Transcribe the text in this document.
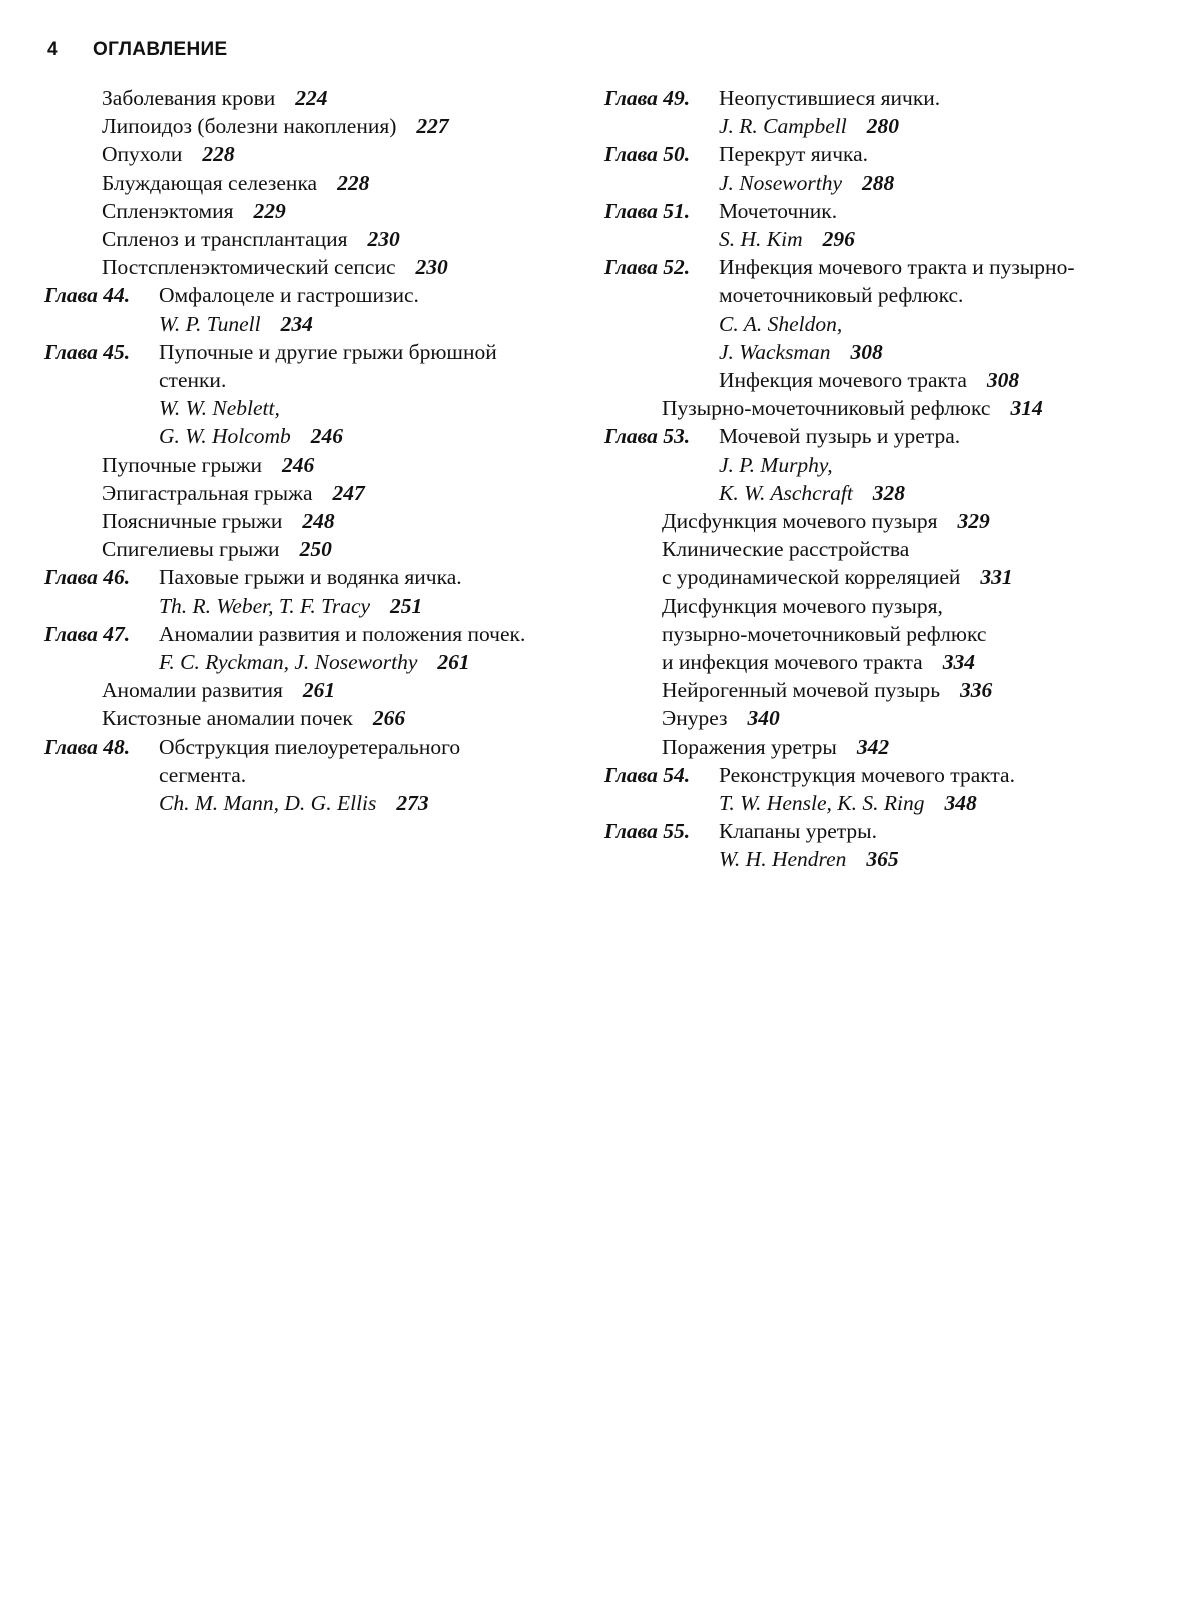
4 ОГЛАВЛЕНИЕ
Заболевания крови 224
Липоидоз (болезни накопления) 227
Опухоли 228
Блуждающая селезенка 228
Спленэктомия 229
Спленоз и трансплантация 230
Постспленэктомический сепсис 230
Глава 44.	Омфалоцеле и гастрошизис.
W. P. Tunell 234
Глава 45.	Пупочные и другие грыжи брюшной
стенки.
W. W. Neblett,
G. W. Holcomb 246
Пупочные грыжи 246
Эпигастральная грыжа 247
Поясничные грыжи 248
Спигелиевы грыжи 250
Глава 46.	Паховые грыжи и водянка яичка.
Th. R. Weber, T. F. Tracy 251
Глава 47.	Аномалии развития и положения почек.
F. C. Ryckman, J. Noseworthy 261
Аномалии развития 261
Кистозные аномалии почек 266
Глава 48.	Обструкция пиелоуретерального
сегмента.
Ch. M. Mann, D. G. Ellis 273
Глава 49.	Неопустившиеся яички.
J. R. Campbell 280
Глава 50.	Перекрут яичка.
J. Noseworthy 288
Глава 51.	Мочеточник.
S. H. Kim 296
Глава 52.	Инфекция мочевого тракта и пузырно-
мочеточниковый рефлюкс.
C. A. Sheldon,
J. Wacksman 308
Инфекция мочевого тракта 308
Пузырно-мочеточниковый рефлюкс 314
Глава 53.	Мочевой пузырь и уретра.
J. P. Murphy,
K. W. Aschcraft 328
Дисфункция мочевого пузыря 329
Клинические расстройства
с уродинамической корреляцией 331
Дисфункция мочевого пузыря,
пузырно-мочеточниковый рефлюкс
и инфекция мочевого тракта 334
Нейрогенный мочевой пузырь 336
Энурез 340
Поражения уретры 342
Глава 54.	Реконструкция мочевого тракта.
T. W. Hensle, K. S. Ring 348
Глава 55.	Клапаны уретры.
W. H. Hendren 365
